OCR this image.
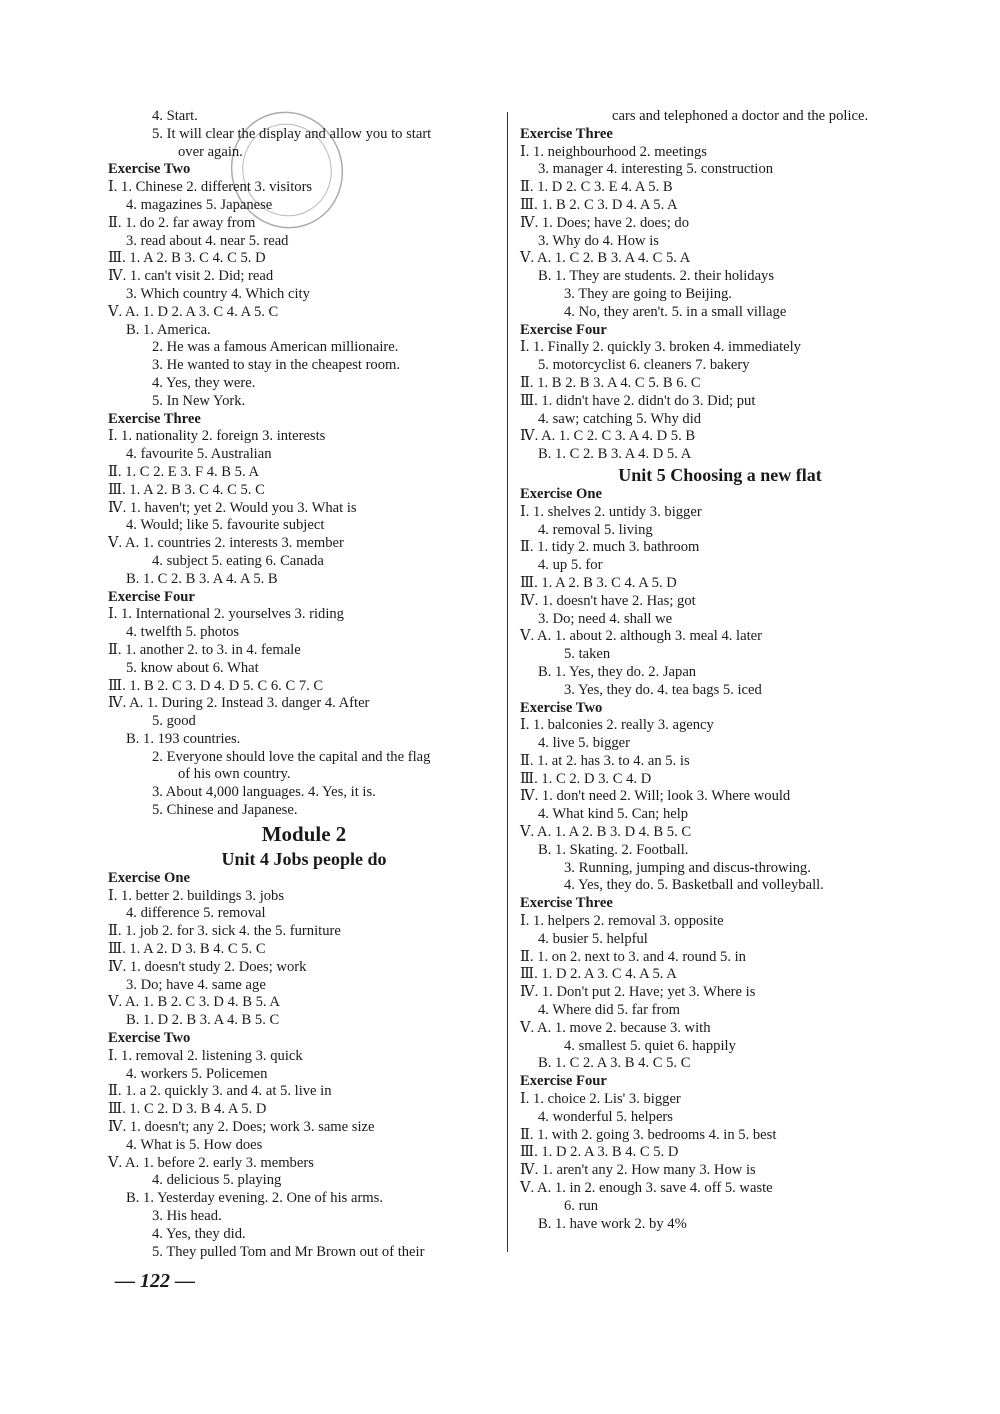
4. Start.
5. It will clear the display and allow you to start
over again.
Exercise Two
Ⅰ. 1. Chinese 2. different 3. visitors
4. magazines 5. Japanese
Ⅱ. 1. do 2. far away from
3. read about 4. near 5. read
Ⅲ. 1. A 2. B 3. C 4. C 5. D
Ⅳ. 1. can't visit 2. Did; read
3. Which country 4. Which city
Ⅴ. A. 1. D 2. A 3. C 4. A 5. C
B. 1. America.
2. He was a famous American millionaire.
3. He wanted to stay in the cheapest room.
4. Yes, they were.
5. In New York.
Exercise Three
Ⅰ. 1. nationality 2. foreign 3. interests
4. favourite 5. Australian
Ⅱ. 1. C 2. E 3. F 4. B 5. A
Ⅲ. 1. A 2. B 3. C 4. C 5. C
Ⅳ. 1. haven't; yet 2. Would you 3. What is
4. Would; like 5. favourite subject
Ⅴ. A. 1. countries 2. interests 3. member
4. subject 5. eating 6. Canada
B. 1. C 2. B 3. A 4. A 5. B
Exercise Four
Ⅰ. 1. International 2. yourselves 3. riding
4. twelfth 5. photos
Ⅱ. 1. another 2. to 3. in 4. female
5. know about 6. What
Ⅲ. 1. B 2. C 3. D 4. D 5. C 6. C 7. C
Ⅳ. A. 1. During 2. Instead 3. danger 4. After
5. good
B. 1. 193 countries.
2. Everyone should love the capital and the flag
of his own country.
3. About 4,000 languages. 4. Yes, it is.
5. Chinese and Japanese.
Module 2
Unit 4 Jobs people do
Exercise One
Ⅰ. 1. better 2. buildings 3. jobs
4. difference 5. removal
Ⅱ. 1. job 2. for 3. sick 4. the 5. furniture
Ⅲ. 1. A 2. D 3. B 4. C 5. C
Ⅳ. 1. doesn't study 2. Does; work
3. Do; have 4. same age
Ⅴ. A. 1. B 2. C 3. D 4. B 5. A
B. 1. D 2. B 3. A 4. B 5. C
Exercise Two
Ⅰ. 1. removal 2. listening 3. quick
4. workers 5. Policemen
Ⅱ. 1. a 2. quickly 3. and 4. at 5. live in
Ⅲ. 1. C 2. D 3. B 4. A 5. D
Ⅳ. 1. doesn't; any 2. Does; work 3. same size
4. What is 5. How does
Ⅴ. A. 1. before 2. early 3. members
4. delicious 5. playing
B. 1. Yesterday evening. 2. One of his arms.
3. His head.
4. Yes, they did.
5. They pulled Tom and Mr Brown out of their
cars and telephoned a doctor and the police.
Exercise Three
Ⅰ. 1. neighbourhood 2. meetings
3. manager 4. interesting 5. construction
Ⅱ. 1. D 2. C 3. E 4. A 5. B
Ⅲ. 1. B 2. C 3. D 4. A 5. A
Ⅳ. 1. Does; have 2. does; do
3. Why do 4. How is
Ⅴ. A. 1. C 2. B 3. A 4. C 5. A
B. 1. They are students. 2. their holidays
3. They are going to Beijing.
4. No, they aren't. 5. in a small village
Exercise Four
Ⅰ. 1. Finally 2. quickly 3. broken 4. immediately
5. motorcyclist 6. cleaners 7. bakery
Ⅱ. 1. B 2. B 3. A 4. C 5. B 6. C
Ⅲ. 1. didn't have 2. didn't do 3. Did; put
4. saw; catching 5. Why did
Ⅳ. A. 1. C 2. C 3. A 4. D 5. B
B. 1. C 2. B 3. A 4. D 5. A
Unit 5 Choosing a new flat
Exercise One
Ⅰ. 1. shelves 2. untidy 3. bigger
4. removal 5. living
Ⅱ. 1. tidy 2. much 3. bathroom
4. up 5. for
Ⅲ. 1. A 2. B 3. C 4. A 5. D
Ⅳ. 1. doesn't have 2. Has; got
3. Do; need 4. shall we
Ⅴ. A. 1. about 2. although 3. meal 4. later
5. taken
B. 1. Yes, they do. 2. Japan
3. Yes, they do. 4. tea bags 5. iced
Exercise Two
Ⅰ. 1. balconies 2. really 3. agency
4. live 5. bigger
Ⅱ. 1. at 2. has 3. to 4. an 5. is
Ⅲ. 1. C 2. D 3. C 4. D
Ⅳ. 1. don't need 2. Will; look 3. Where would
4. What kind 5. Can; help
Ⅴ. A. 1. A 2. B 3. D 4. B 5. C
B. 1. Skating. 2. Football.
3. Running, jumping and discus-throwing.
4. Yes, they do. 5. Basketball and volleyball.
Exercise Three
Ⅰ. 1. helpers 2. removal 3. opposite
4. busier 5. helpful
Ⅱ. 1. on 2. next to 3. and 4. round 5. in
Ⅲ. 1. D 2. A 3. C 4. A 5. A
Ⅳ. 1. Don't put 2. Have; yet 3. Where is
4. Where did 5. far from
Ⅴ. A. 1. move 2. because 3. with
4. smallest 5. quiet 6. happily
B. 1. C 2. A 3. B 4. C 5. C
Exercise Four
Ⅰ. 1. choice 2. Lis' 3. bigger
4. wonderful 5. helpers
Ⅱ. 1. with 2. going 3. bedrooms 4. in 5. best
Ⅲ. 1. D 2. A 3. B 4. C 5. D
Ⅳ. 1. aren't any 2. How many 3. How is
Ⅴ. A. 1. in 2. enough 3. save 4. off 5. waste
6. run
B. 1. have work 2. by 4%
— 122 —
